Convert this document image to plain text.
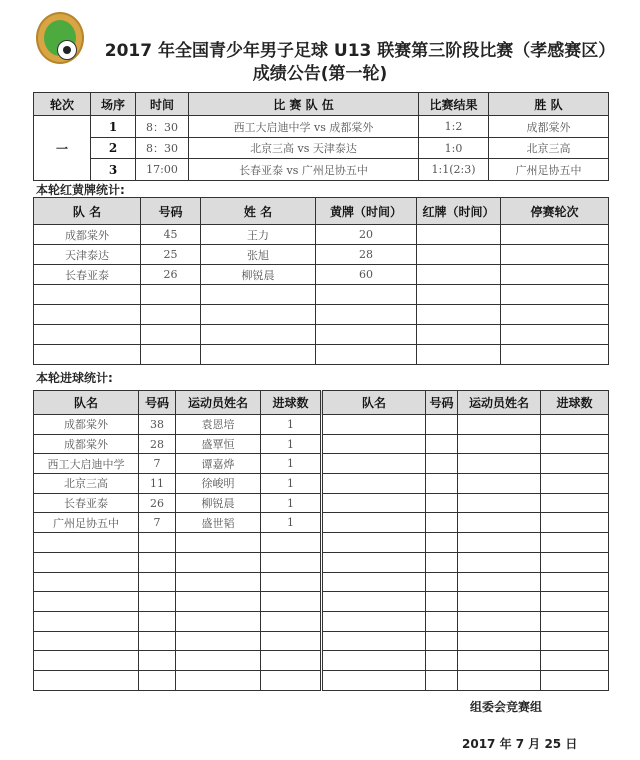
2017 年全国青少年男子足球 U13 联赛第三阶段比赛（孝感赛区）
成绩公告(第一轮)
轮次	场序	时间	比 赛 队 伍	比赛结果	胜 队
一	1	8：30	西工大启迪中学 vs 成都棠外	1:2	成都棠外
	2	8：30	北京三高 vs 天津泰达	1:0	北京三高
	3	17:00	长春亚泰 vs 广州足协五中	1:1(2:3)	广州足协五中
本轮红黄牌统计:
队 名	号码	姓 名	黄牌（时间）	红牌（时间）	停赛轮次
成都棠外	45	王力	20		
天津泰达	25	张旭	28		
长春亚泰	26	柳锐晨	60		

本轮进球统计:
队名	号码	运动员姓名	进球数	队名	号码	运动员姓名	进球数
成都棠外	38	袁恩培	1				
成都棠外	28	盛覃恒	1				
西工大启迪中学	7	谭嘉烨	1				
北京三高	11	徐峻明	1				
长春亚泰	26	柳锐晨	1				
广州足协五中	7	盛世韬	1				

组委会竞赛组
2017 年 7 月 25 日
